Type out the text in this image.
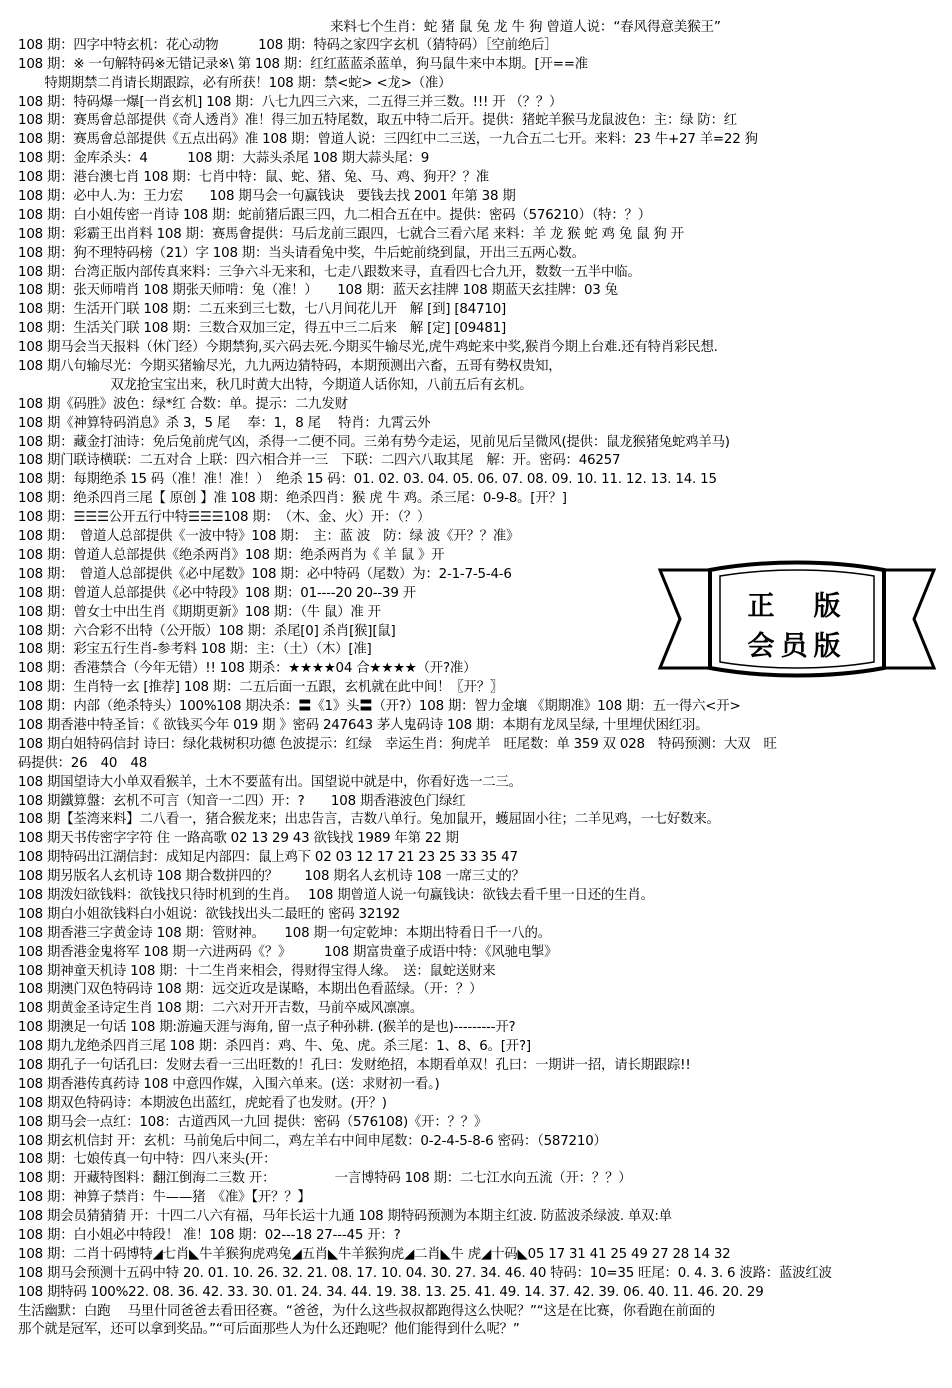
来料七个生肖：蛇 猪 鼠 兔 龙 牛 狗 曾道人说：“春风得意美猴王”
108 期：四字中特玄机：花心动物　　　108 期：特码之家四字玄机（猜特码）［空前绝后］
108 期：※ 一句解特码※无错记录※\ 第 108 期：红红蓝蓝杀蓝单，狗马鼠牛来中本期。[开==准
　　特期期禁二肖请长期跟踪，必有所获！108 期：禁<蛇> <龙>（准）
108 期：特码爆一爆[一肖玄机] 108 期：八七九四三六来，二五得三并三数。!!! 开 （？？）
108 期：赛馬會总部提供《奇人透肖》准！得三加五特尾数，取五中特二后开。提供：猪蛇羊猴马龙鼠波色：主：绿 防：红
108 期：赛馬會总部提供《五点出码》准 108 期：曾道人说：三四红中二三送，一九合五二七开。来料：23 牛+27 羊=22 狗
108 期：金库杀头：4　　　108 期：大蒜头杀尾 108 期大蒜头尾：9
108 期：港台澳七肖 108 期：七肖中特：鼠、蛇、猪、兔、马、鸡、狗开？？准
108 期：必中人.为：王力宏　　108 期马会一句赢钱诀　要钱去找 2001 年第 38 期
108 期：白小姐传密一肖诗 108 期：蛇前猪后跟三四，九二相合五在中。提供：密码（576210）（特：？）
108 期：彩霸王出肖料 108 期：赛馬會提供：马后龙前三跟四，七就合三看六尾 来料：羊 龙 猴 蛇 鸡 兔 鼠 狗 开
108 期：狗不理特码榜（21）字 108 期：当头请看兔中奖，牛后蛇前绕到鼠，开出三五两心数。
108 期：台湾正版内部传真来料：三争六斗无来和，七走八跟数来寻，直看四七合九开，数数一五半中临。
108 期：张天师啃肖 108 期张天师啃：兔（准！）　　108 期：蓝天玄挂牌 108 期蓝天玄挂牌：03 兔
108 期：生活开门联 108 期：二五来到三七数，七八月间花儿开　解 [到] [84710]
108 期：生活关门联 108 期：三数合双加三定，得五中三二后来　解 [定] [09481]
108 期马会当天报料（休门经）今期禁狗,买六码去死.今期买牛输尽光,虎牛鸡蛇来中奖,猴肖今期上台难.还有特肖彩民想.
108 期八句输尽光：今期买猪输尽光，九九两边猜特码，本期预测出六畜，五哥有勢权贵知，
　　　　　　　双龙抢宝宝出来，秋几时黄大出特，今期道人话你知，八前五后有玄机。
108 期《码胜》波色：绿*红 合数：单。提示：二九发财
108 期《神算特码消息》杀 3，5 尾　 奉：1，8 尾　 特肖：九霄云外
108 期：藏金打油诗：免后兔前虎气凶，杀得一二便不同。三弟有势今走运，见前见后呈微风(提供：鼠龙猴猪兔蛇鸡羊马)
108 期门联诗横联：二五对合 上联：四六相合并一三　下联：二四六八取其尾　解：开。密码：46257
108 期：每期绝杀 15 码（准！准！准！）　绝杀 15 码：01. 02. 03. 04. 05. 06. 07. 08. 09. 10. 11. 12. 13. 14. 15
108 期：绝杀四肖三尾【 原创 】准 108 期：绝杀四肖：猴 虎 牛 鸡。杀三尾：0-9-8。[开？]
108 期：☰☰☰公开五行中特☰☰☰108 期：　（木、金、火）开：（？）
108 期：　曾道人总部提供《一波中特》108 期：　主：蓝 波　防：绿 波《开？？准》
108 期：曾道人总部提供《绝杀两肖》108 期：绝杀两肖为《 羊 鼠 》开
108 期：　曾道人总部提供《必中尾数》108 期：必中特码（尾数）为：2-1-7-5-4-6
108 期：曾道人总部提供《必中特段》108 期：01----20 20--39 开
108 期：曾女士中出生肖《期期更新》108 期：（牛 鼠）准 开
108 期：六合彩不出特（公开版）108 期：杀尾[0] 杀肖[猴][鼠]
108 期：彩宝五行生肖-参考料 108 期：主：（土）（木）[准]
108 期：香港禁合（今年无错）!! 108 期杀：★★★★04 合★★★★（开?准）
108 期：生肖特一玄 [推荐] 108 期：二五后面一五跟，玄机就在此中间！〖开？〗
108 期：内部（绝杀特头）100%108 期决杀：〓《1》头〓（开?）108 期：智力金壤 《期期准》108 期：五一得六<开>
108 期香港中特圣旨：《 欲钱买今年 019 期 》密码 247643 茅人鬼码诗 108 期：本期有龙凤呈绿, 十里埋伏困红羽。
108 期白姐特码信封 诗曰：绿化栽树积功德 色波提示：红绿　幸运生肖：狗虎羊　旺尾数：单 359 双 028　特码预测：大双　旺
码提供：26　40　48
108 期国望诗大小单双看猴羊，土木不要蓝有出。国望说中就是中，你看好选一二三。
108 期鐵算盤：玄机不可言（知音一二四）开：?　　108 期香港波色门绿红
108 期【荃湾来料】二八看一，猪合猴龙来；出忠告言，吉数八单行。兔加鼠开，蠖屈固小往；二羊见鸡，一七好数来。
108 期天书传密字字符 住 一路高歌 02 13 29 43 欲钱找 1989 年第 22 期
108 期特码出江湖信封：成知足内部四：鼠上鸡下 02 03 12 17 21 23 25 33 35 47
108 期另版名人玄机诗 108 期合数拼四的？　　108 期名人玄机诗 108 一席三丈的？
108 期泼妇欲钱料：欲钱找只待时机到的生肖。　 108 期曾道人说一句赢钱诀：欲钱去看千里一日还的生肖。
108 期白小姐欲钱料白小姐说：欲钱找出头二最旺的 密码 32192
108 期香港三字黄金诗 108 期：管财神。　　108 期一句定乾坤：本期出特看日千一八的。
108 期香港金鬼将军 108 期一六进两码《？》　　　108 期富贵童子成语中特：《风驰电掣》
108 期神童天机诗 108 期：十二生肖来相会，得财得宝得人缘。　送：鼠蛇送财来
108 期澳门双色特码诗 108 期：远交近攻是谋略，本期出色看蓝绿。（开：？）
108 期黄金圣诗定生肖 108 期：二六对开开吉数，马前卒威风凛凛。
108 期澳足一句话 108 期:游遍天涯与海角, 留一点子种孙耕. (猴羊的是也)---------开?
108 期九龙绝杀四肖三尾 108 期：杀四肖：鸡、牛、兔、虎。杀三尾：1、8、6。[开?]
108 期孔子一句话孔曰：发财去看一三出旺数的！孔曰：发财绝招，本期看单双！孔曰：一期讲一招，请长期跟踪!!
108 期香港传真药诗 108 中意四作媒，入围六单来。(送：求财初一看。)
108 期双色特码诗：本期波色出蓝红，虎蛇看了也发财。(开？)
108 期马会一点红：108：古道西风一九回 提供：密码（576108)《开：？？》
108 期玄机信封 开：玄机：马前兔后中间二，鸡左羊右中间申尾数：0-2-4-5-8-6 密码：（587210）
108 期：七娘传真一句中特：四八来头(开：
108 期：开藏特图料：翻江倒海二三数 开：　　　　　一言博特码 108 期：二七江水向五流（开：？？）
108 期：神算子禁肖：牛——猪　《准》【开？？】
108 期会员猜猜猜 开：十四二八六有福，马年长运十九通 108 期特码预测为本期主红波. 防蓝波杀绿波. 单双:单
108 期：白小姐必中特段！ 准！108 期：02---18 27---45 开：?
108 期：二肖十码博特◢七肖◣牛羊猴狗虎鸡兔◢五肖◣牛羊猴狗虎◢二肖◣牛 虎◢十码◣05 17 31 41 25 49 27 28 14 32
108 期马会预测十五码中特 20. 01. 10. 26. 32. 21. 08. 17. 10. 04. 30. 27. 34. 46. 40 特码：10=35 旺尾：0. 4. 3. 6 波路：蓝波红波
108 期特码 100%22. 08. 36. 42. 33. 30. 01. 24. 34. 44. 19. 38. 13. 25. 41. 49. 14. 37. 42. 39. 06. 40. 11. 46. 20. 29
生活幽默：白跑　 马里什同爸爸去看田径赛。“爸爸，为什么这些叔叔都跑得这么快呢？”“这是在比赛，你看跑在前面的
那个就是冠军，还可以拿到奖品。”“可后面那些人为什么还跑呢？他们能得到什么呢？”
正　版
会员版
